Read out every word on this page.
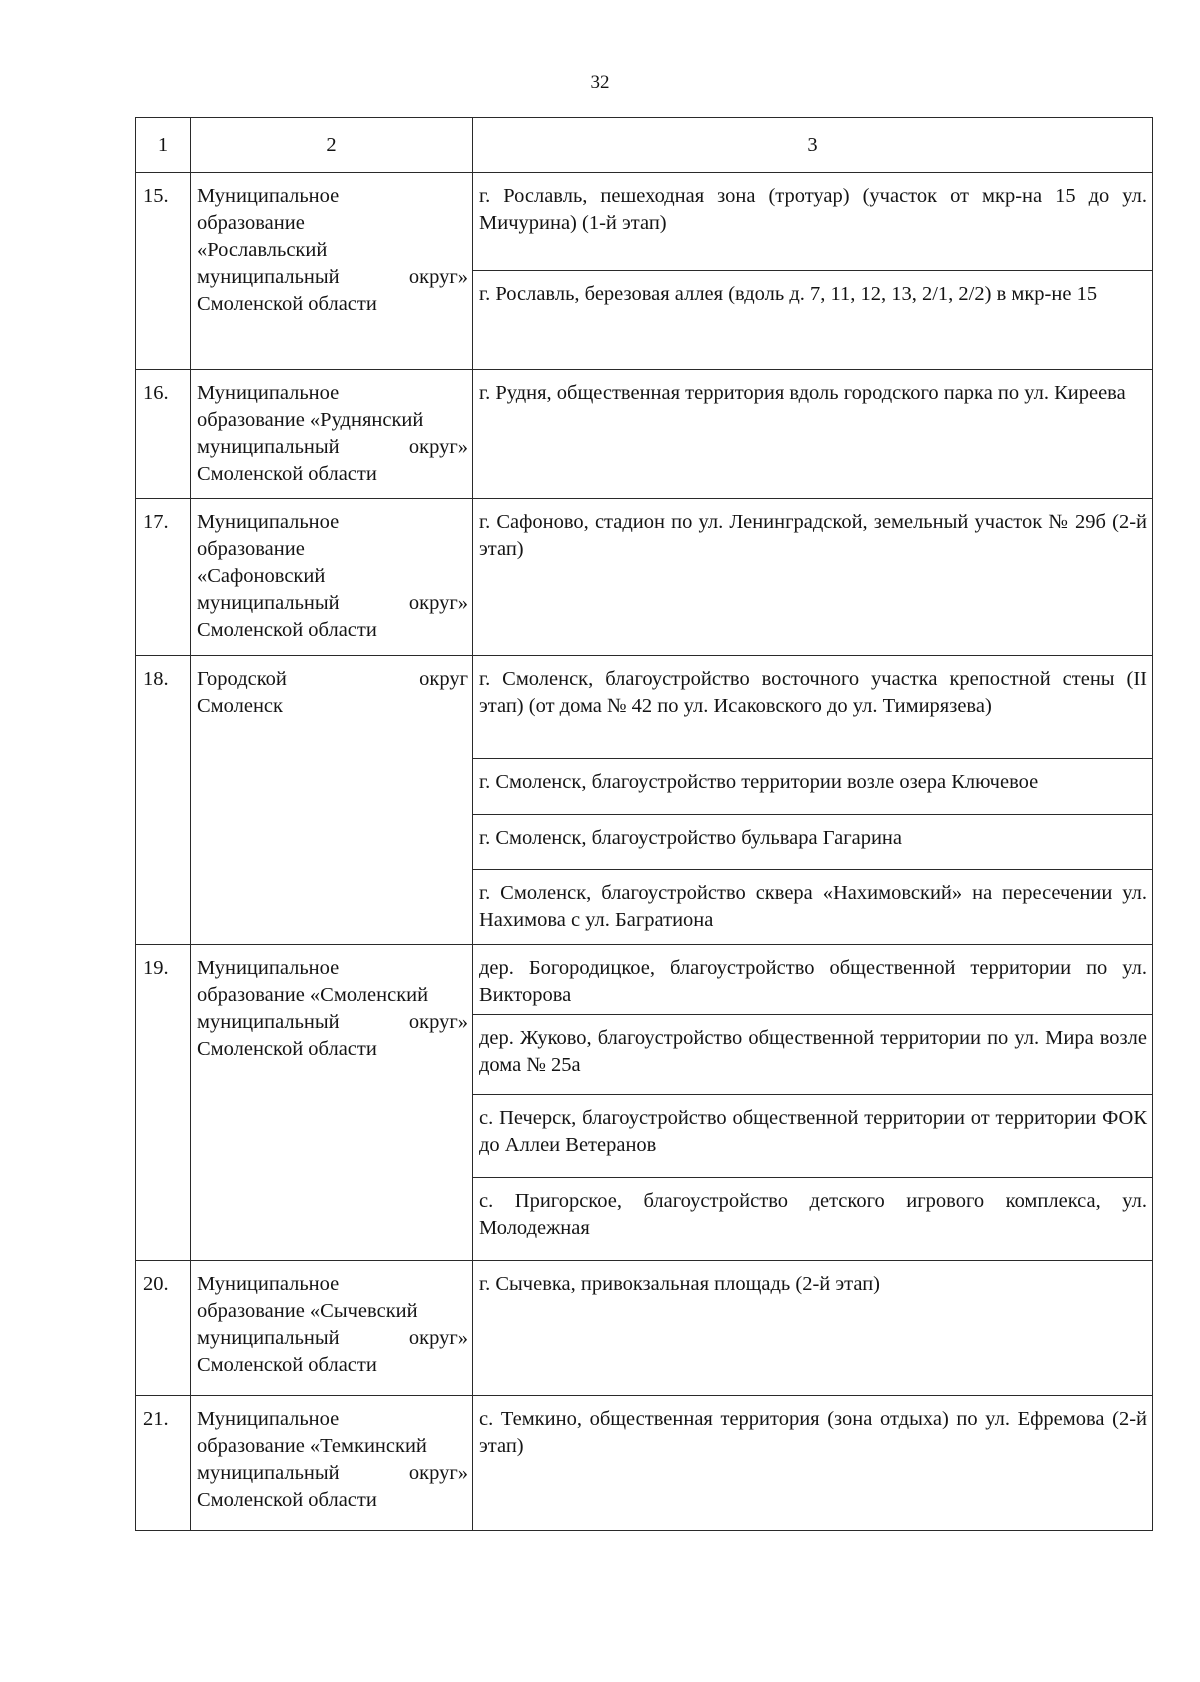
32
1	2	3
15.	Муниципальное
образование
«Рославльский
муниципальный округ»
Смоленской области	г. Рославль, пешеходная зона (тротуар) (участок от мкр-на 15 до ул. Мичурина) (1-й этап)
		г. Рославль, березовая аллея (вдоль д. 7, 11, 12, 13, 2/1, 2/2) в мкр-не 15
16.	Муниципальное
образование «Руднянский
муниципальный округ»
Смоленской области	г. Рудня, общественная территория вдоль городского парка по ул. Киреева
17.	Муниципальное
образование
«Сафоновский
муниципальный округ»
Смоленской области	г. Сафоново, стадион по ул. Ленинградской, земельный участок № 29б (2-й этап)
18.	Городской округ
Смоленск	г. Смоленск, благоустройство восточного участка крепостной стены (II этап) (от дома № 42 по ул. Исаковского до ул. Тимирязева)
		г. Смоленск, благоустройство территории возле озера Ключевое
		г. Смоленск, благоустройство бульвара Гагарина
		г. Смоленск, благоустройство сквера «Нахимовский» на пересечении ул. Нахимова с ул. Багратиона
19.	Муниципальное
образование «Смоленский
муниципальный округ»
Смоленской области	дер. Богородицкое, благоустройство общественной территории по ул. Викторова
		дер. Жуково, благоустройство общественной территории по ул. Мира возле дома № 25а
		с. Печерск, благоустройство общественной территории от территории ФОК до Аллеи Ветеранов
		с. Пригорское, благоустройство детского игрового комплекса, ул. Молодежная
20.	Муниципальное
образование «Сычевский
муниципальный округ»
Смоленской области	г. Сычевка, привокзальная площадь (2-й этап)
21.	Муниципальное
образование «Темкинский
муниципальный округ»
Смоленской области	с. Темкино, общественная территория (зона отдыха) по ул. Ефремова (2-й этап)
